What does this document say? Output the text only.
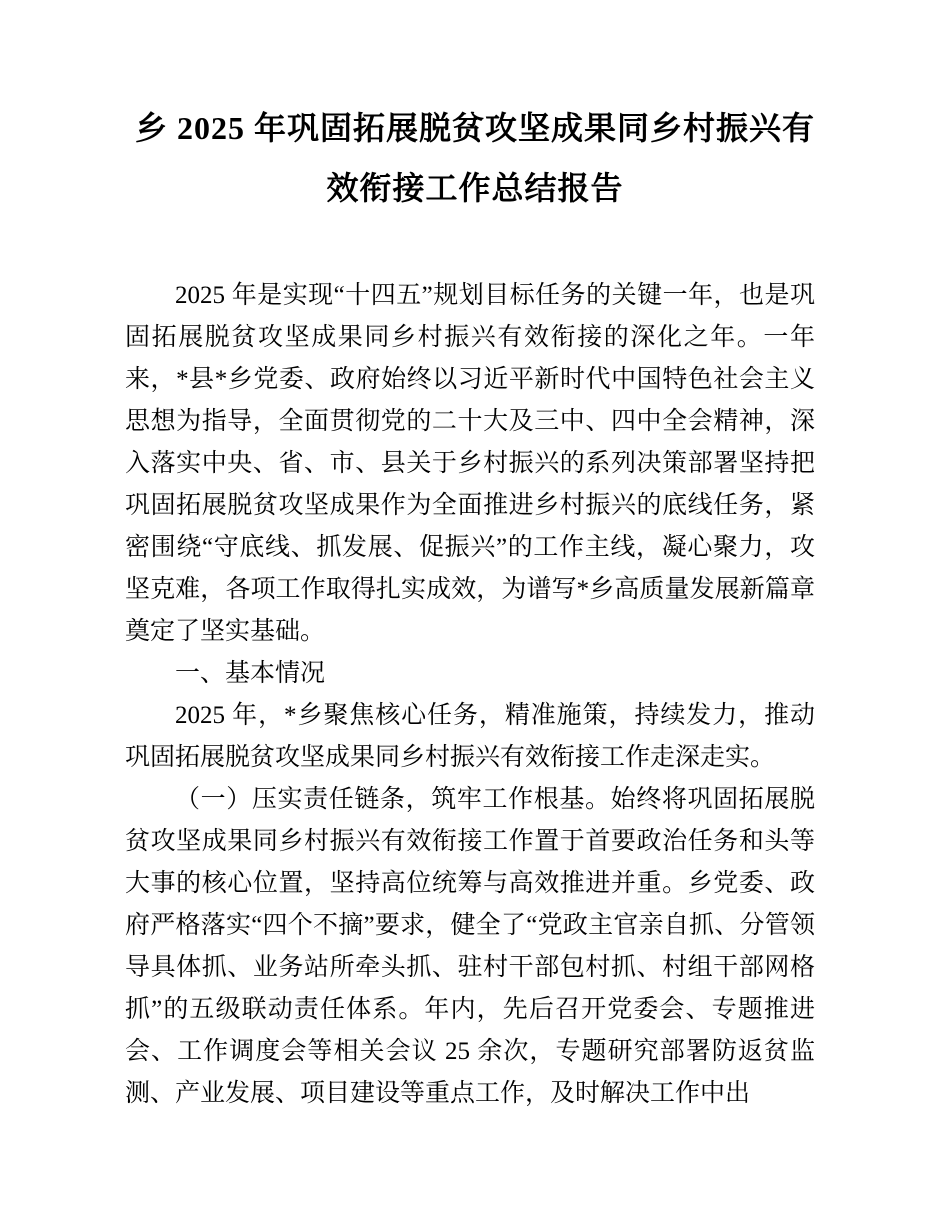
乡 2025 年巩固拓展脱贫攻坚成果同乡村振兴有
效衔接工作总结报告

2025 年是实现“十四五”规划目标任务的关键一年，也是巩固拓展脱贫攻坚成果同乡村振兴有效衔接的深化之年。一年来，*县*乡党委、政府始终以习近平新时代中国特色社会主义思想为指导，全面贯彻党的二十大及三中、四中全会精神，深入落实中央、省、市、县关于乡村振兴的系列决策部署坚持把巩固拓展脱贫攻坚成果作为全面推进乡村振兴的底线任务，紧密围绕“守底线、抓发展、促振兴”的工作主线，凝心聚力，攻坚克难，各项工作取得扎实成效，为谱写*乡高质量发展新篇章奠定了坚实基础。

一、基本情况

2025 年，*乡聚焦核心任务，精准施策，持续发力，推动巩固拓展脱贫攻坚成果同乡村振兴有效衔接工作走深走实。

（一）压实责任链条，筑牢工作根基。始终将巩固拓展脱贫攻坚成果同乡村振兴有效衔接工作置于首要政治任务和头等大事的核心位置，坚持高位统筹与高效推进并重。乡党委、政府严格落实“四个不摘”要求，健全了“党政主官亲自抓、分管领导具体抓、业务站所牵头抓、驻村干部包村抓、村组干部网格抓”的五级联动责任体系。年内，先后召开党委会、专题推进会、工作调度会等相关会议 25 余次，专题研究部署防返贫监测、产业发展、项目建设等重点工作，及时解决工作中出
